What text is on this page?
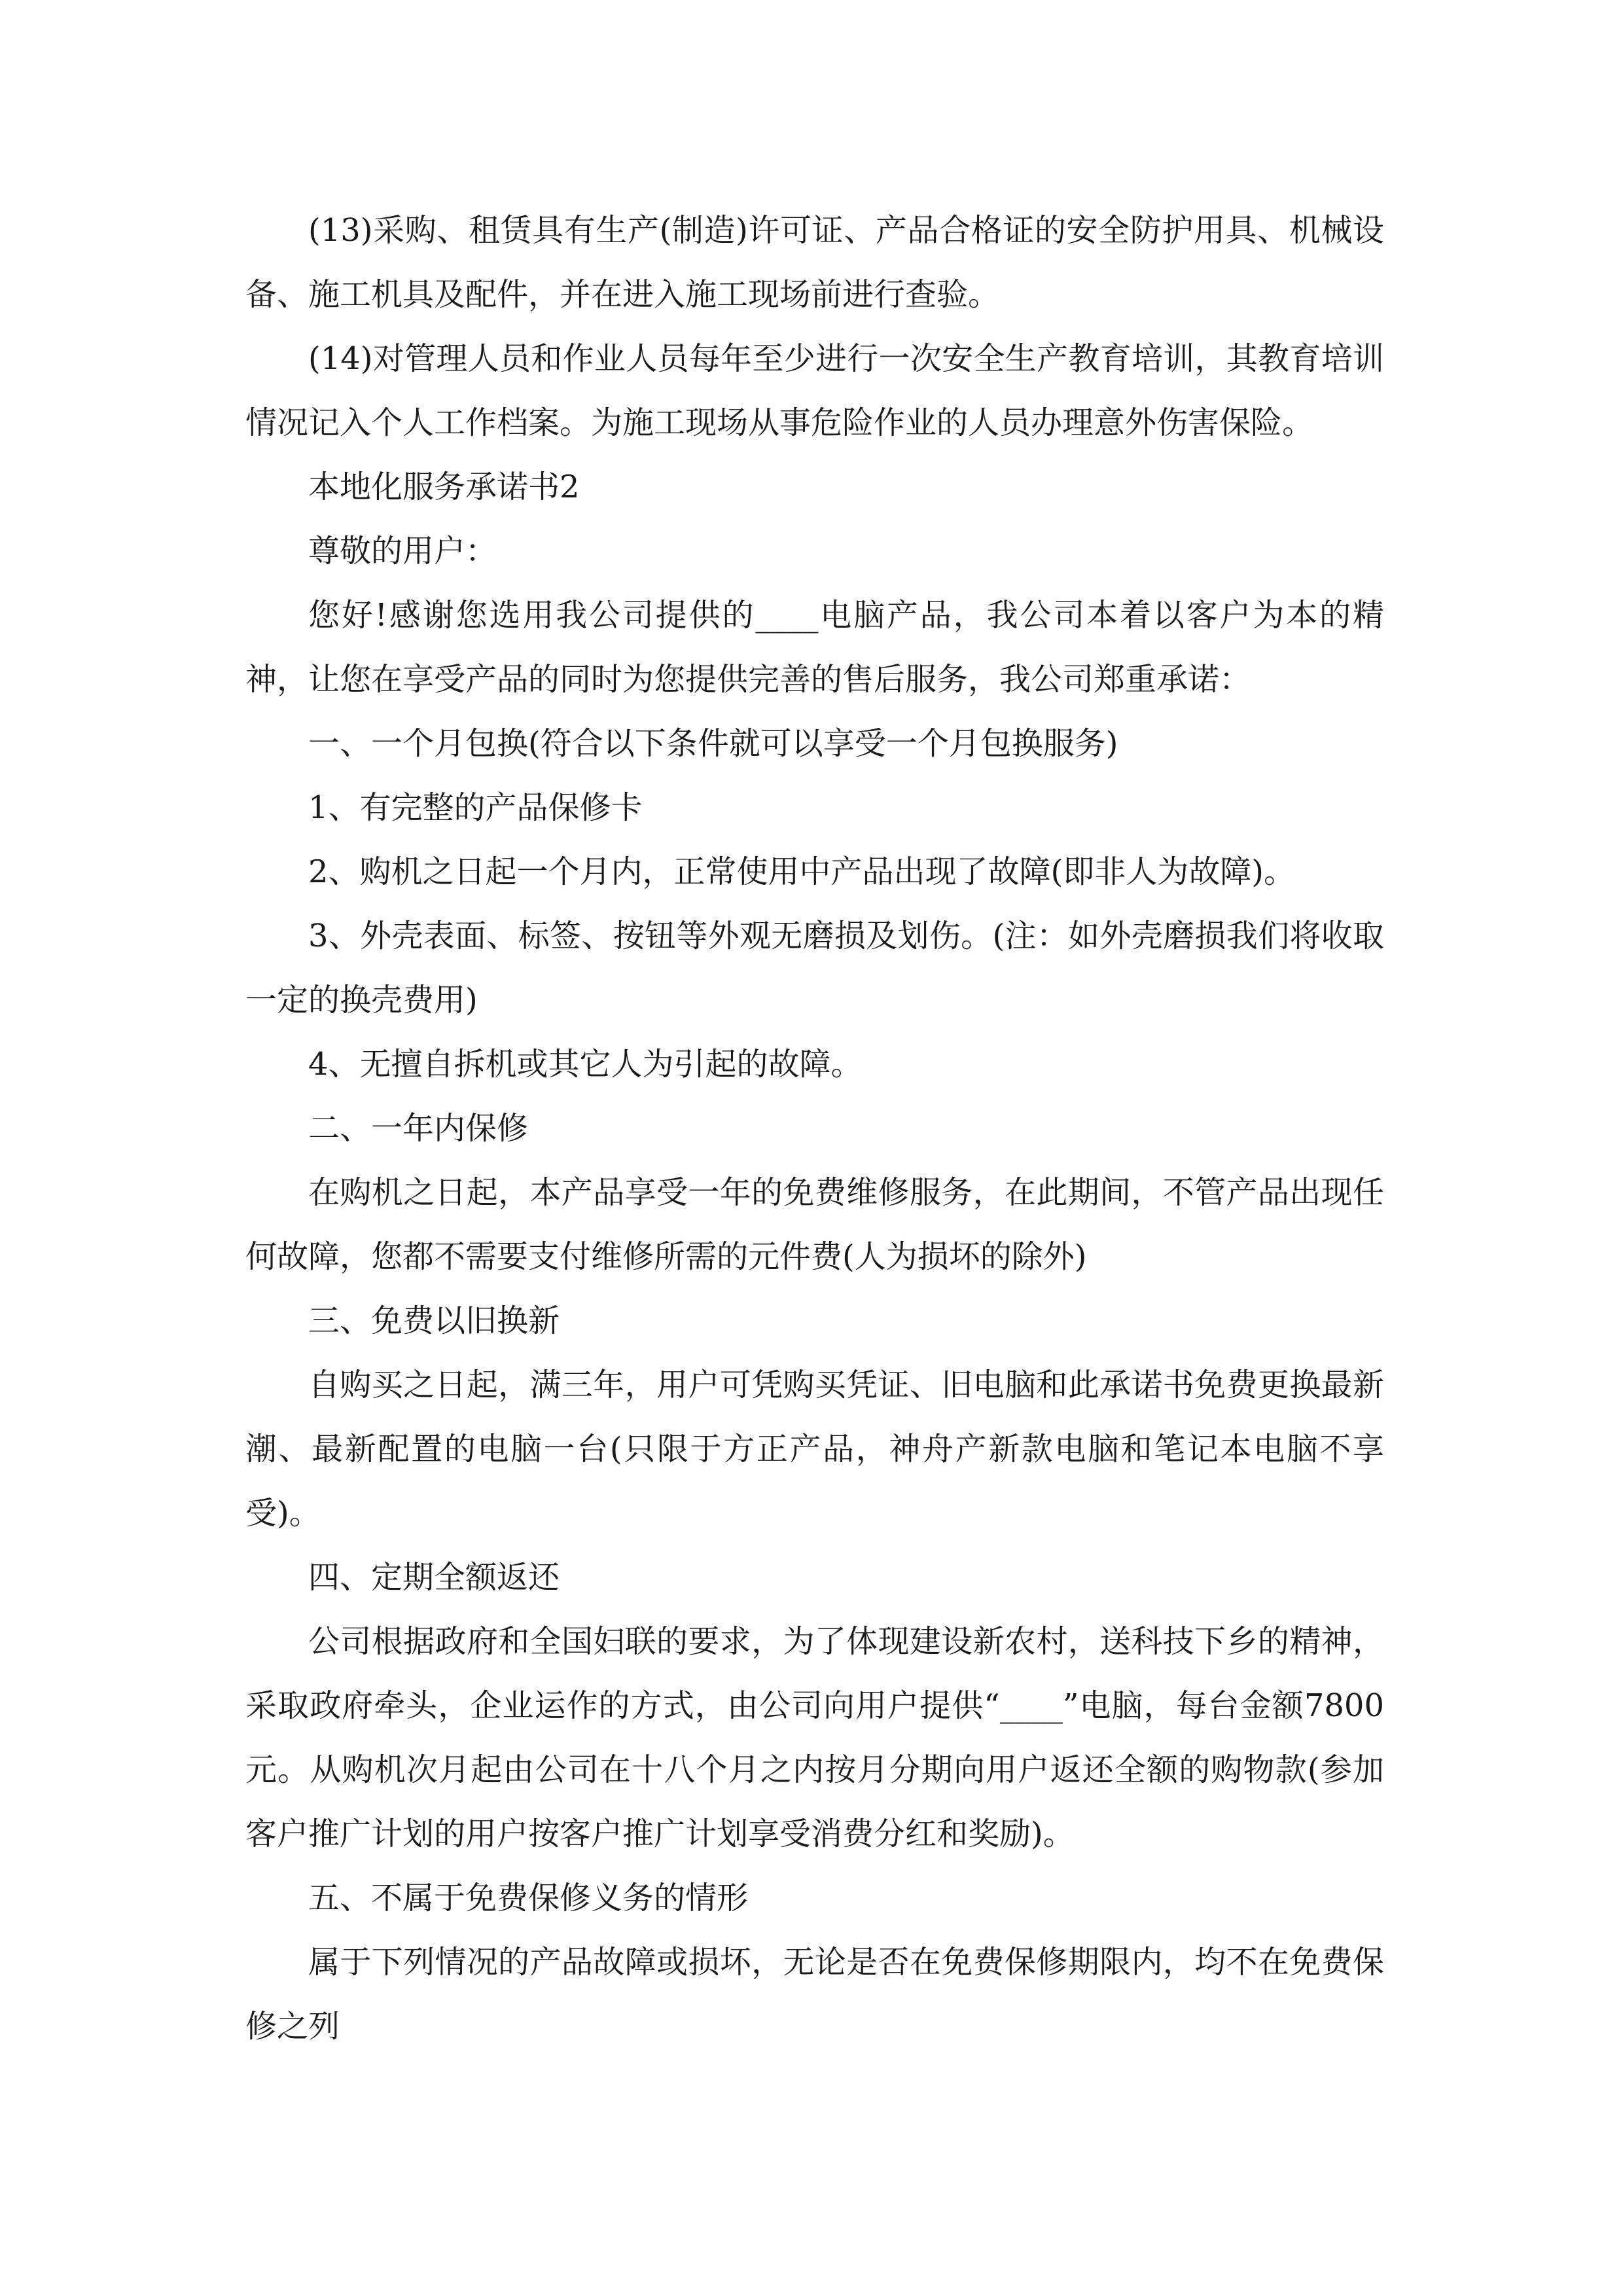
(13)采购、租赁具有生产(制造)许可证、产品合格证的安全防护用具、机械设备、施工机具及配件，并在进入施工现场前进行查验。

(14)对管理人员和作业人员每年至少进行一次安全生产教育培训，其教育培训情况记入个人工作档案。为施工现场从事危险作业的人员办理意外伤害保险。

本地化服务承诺书2

尊敬的用户：

您好!感谢您选用我公司提供的____电脑产品，我公司本着以客户为本的精神，让您在享受产品的同时为您提供完善的售后服务，我公司郑重承诺：

一、一个月包换(符合以下条件就可以享受一个月包换服务)

1、有完整的产品保修卡

2、购机之日起一个月内，正常使用中产品出现了故障(即非人为故障)。

3、外壳表面、标签、按钮等外观无磨损及划伤。(注：如外壳磨损我们将收取一定的换壳费用)

4、无擅自拆机或其它人为引起的故障。

二、一年内保修

在购机之日起，本产品享受一年的免费维修服务，在此期间，不管产品出现任何故障，您都不需要支付维修所需的元件费(人为损坏的除外)

三、免费以旧换新

自购买之日起，满三年，用户可凭购买凭证、旧电脑和此承诺书免费更换最新潮、最新配置的电脑一台(只限于方正产品，神舟产新款电脑和笔记本电脑不享受)。

四、定期全额返还

公司根据政府和全国妇联的要求，为了体现建设新农村，送科技下乡的精神，采取政府牵头，企业运作的方式，由公司向用户提供“____”电脑，每台金额7800元。从购机次月起由公司在十八个月之内按月分期向用户返还全额的购物款(参加客户推广计划的用户按客户推广计划享受消费分红和奖励)。

五、不属于免费保修义务的情形

属于下列情况的产品故障或损坏，无论是否在免费保修期限内，均不在免费保修之列
